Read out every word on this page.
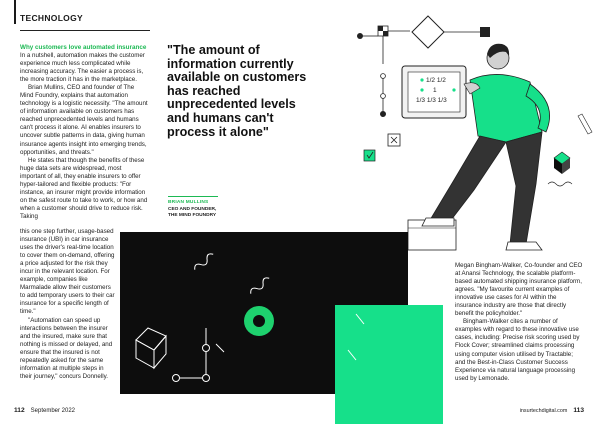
TECHNOLOGY
Why customers love automated insurance

In a nutshell, automation makes the customer experience much less complicated while increasing accuracy. The easier a process is, the more traction it has in the marketplace.

Brian Mullins, CEO and founder of The Mind Foundry, explains that automation technology is a logistic necessity. "The amount of information available on customers has reached unprecedented levels and humans can't process it alone. AI enables insurers to uncover subtle patterns in data, giving human insurance agents insight into emerging trends, opportunities, and threats."

He states that though the benefits of these huge data sets are widespread, most important of all, they enable insurers to offer hyper-tailored and flexible products: "For instance, an insurer might provide information on the safest route to take to work, or how and when a customer should drive to reduce risk. Taking

1/2 1/2
1
1/3 1/3 1/3
"The amount of information currently available on customers has reached unprecedented levels and humans can't process it alone"
BRIAN MULLINS
CEO AND FOUNDER,
THE MIND FOUNDRY

this one step further, usage-based insurance (UBI) in car insurance uses the driver's real-time location to cover them on-demand, offering a price adjusted for the risk they incur in the relevant location. For example, companies like Marmalade allow their customers to add temporary users to their car insurance for a specific length of time."

"Automation can speed up interactions between the insurer and the insured, make sure that nothing is missed or delayed, and ensure that the insured is not repeatedly asked for the same information at multiple steps in their journey," concurs Donnelly.

Megan Bingham-Walker, Co-founder and CEO at Anansi Technology, the scalable platform-based automated shipping insurance platform, agrees. "My favourite current examples of innovative use cases for AI within the insurance industry are those that directly benefit the policyholder."

Bingham-Walker cites a number of examples with regard to these innovative use cases, including: Precise risk scoring used by Flock Cover; streamlined claims processing using computer vision utilised by Tractable; and the Best-in-Class Customer Success Experience via natural language processing used by Lemonade.

112 September 2022	insurtechdigital.com 113
